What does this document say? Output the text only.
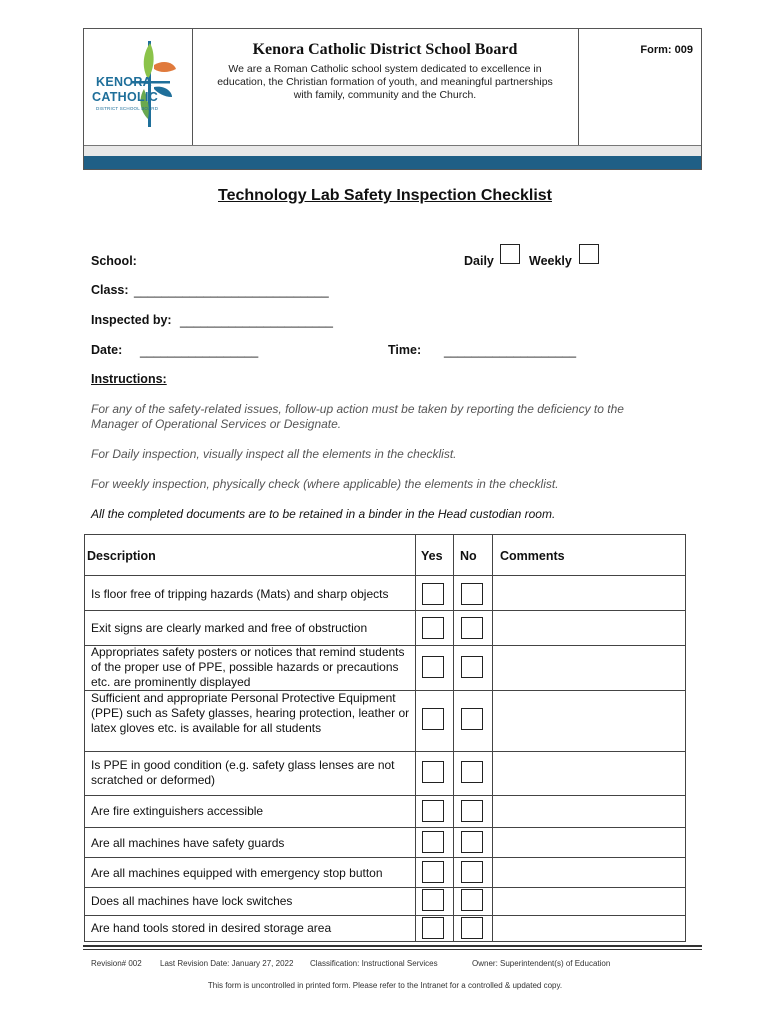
KENORA
CATHOLIC
DISTRICT SCHOOL BOARD
Kenora Catholic District School Board
We are a Roman Catholic school system dedicated to excellence in
education, the Christian formation of youth, and meaningful partnerships
with family, community and the Church.
Form: 009
Technology Lab Safety Inspection Checklist
School:	Daily	Weekly
Class: ____________________________
Inspected by: ______________________
Date: _________________	Time: ___________________
Instructions:
For any of the safety-related issues, follow-up action must be taken by reporting the deficiency to the Manager of Operational Services or Designate.
For Daily inspection, visually inspect all the elements in the checklist.
For weekly inspection, physically check (where applicable) the elements in the checklist.
All the completed documents are to be retained in a binder in the Head custodian room.
Description	Yes No Comments
Is floor free of tripping hazards (Mats) and sharp objects
Exit signs are clearly marked and free of obstruction
Appropriates safety posters or notices that remind students of the proper use of PPE, possible hazards or precautions etc. are prominently displayed
Sufficient and appropriate Personal Protective Equipment (PPE) such as Safety glasses, hearing protection, leather or latex gloves etc. is available for all students
Is PPE in good condition (e.g. safety glass lenses are not scratched or deformed)
Are fire extinguishers accessible
Are all machines have safety guards
Are all machines equipped with emergency stop button
Does all machines have lock switches
Are hand tools stored in desired storage area
Revision# 002 Last Revision Date: January 27, 2022 Classification: Instructional Services	Owner: Superintendent(s) of Education
This form is uncontrolled in printed form. Please refer to the Intranet for a controlled & updated copy.
